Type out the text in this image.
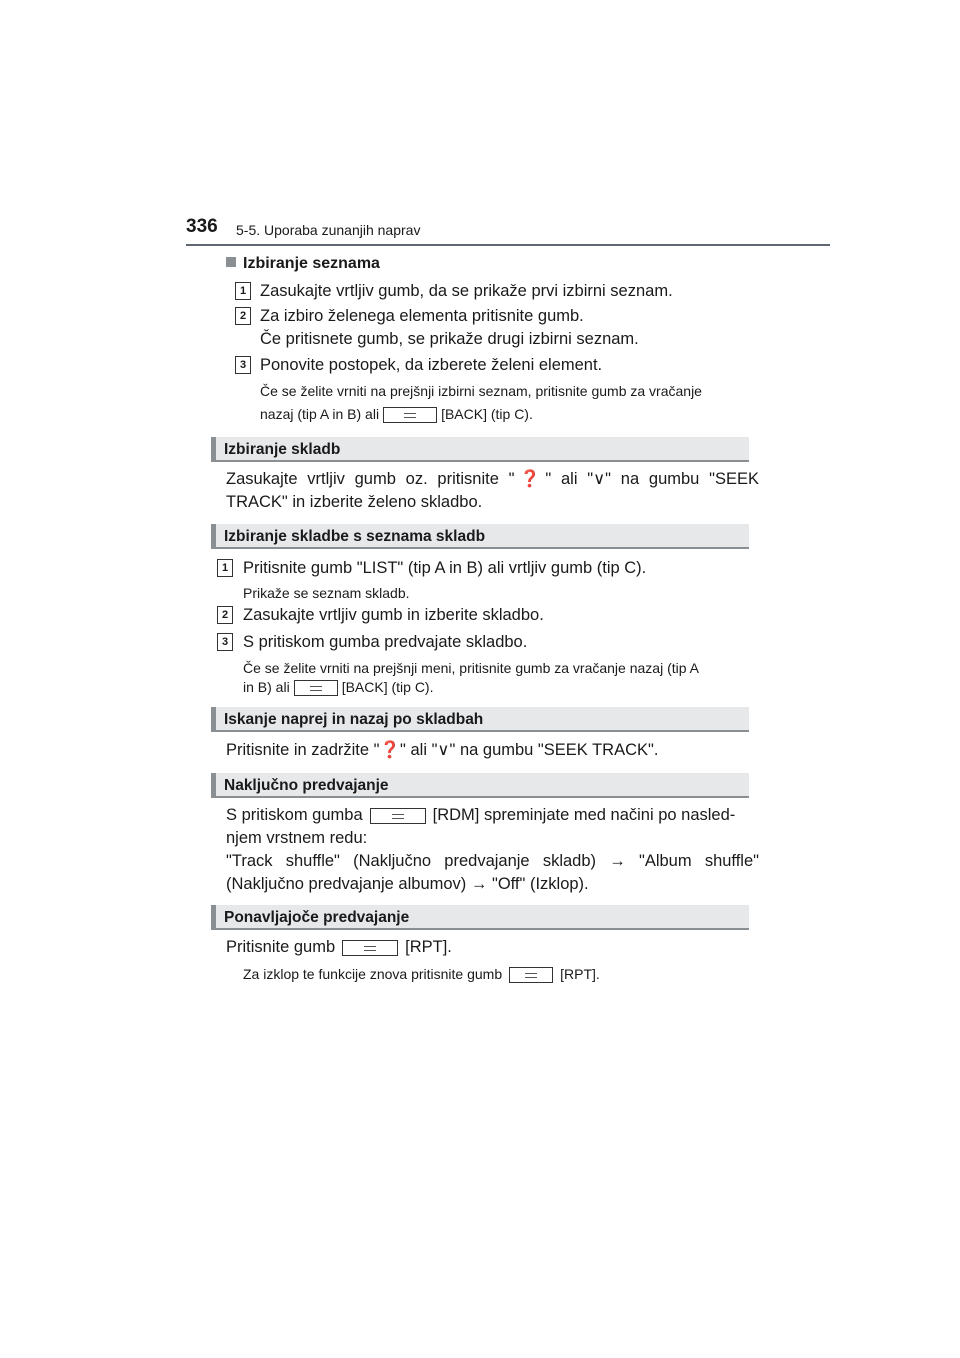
336 5-5. Uporaba zunanjih naprav
Izbiranje seznama
1 Zasukajte vrtljiv gumb, da se prikaže prvi izbirni seznam.
2 Za izbiro želenega elementa pritisnite gumb.
Če pritisnete gumb, se prikaže drugi izbirni seznam.
3 Ponovite postopek, da izberete želeni element.
Če se želite vrniti na prejšnji izbirni seznam, pritisnite gumb za vračanje
nazaj (tip A in B) ali	[BACK] (tip C).
Izbiranje skladb
Zasukajte vrtljiv gumb oz. pritisnite "❓" ali "∨" na gumbu "SEEK
TRACK" in izberite želeno skladbo.
Izbiranje skladbe s seznama skladb
1 Pritisnite gumb "LIST" (tip A in B) ali vrtljiv gumb (tip C).
Prikaže se seznam skladb.
2 Zasukajte vrtljiv gumb in izberite skladbo.
3 S pritiskom gumba predvajate skladbo.
Če se želite vrniti na prejšnji meni, pritisnite gumb za vračanje nazaj (tip A
in B) ali	[BACK] (tip C).
Iskanje naprej in nazaj po skladbah
Pritisnite in zadržite "❓" ali "∨" na gumbu "SEEK TRACK".
Naključno predvajanje
S pritiskom gumba	[RDM] spreminjate med načini po nasled-
njem vrstnem redu:
"Track shuffle" (Naključno predvajanje skladb) → "Album shuffle"
(Naključno predvajanje albumov) → "Off" (Izklop).
Ponavljajoče predvajanje
Pritisnite gumb	[RPT].
Za izklop te funkcije znova pritisnite gumb	[RPT].
